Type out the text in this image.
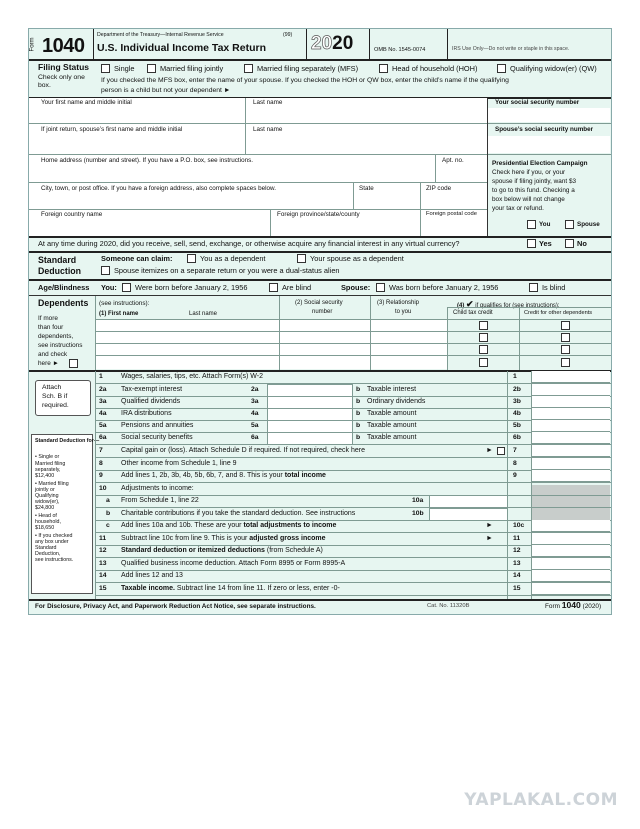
Form 1040 Department of the Treasury—Internal Revenue Service	(99)
U.S. Individual Income Tax Return 2020	OMB No. 1545-0074	IRS Use Only—Do not write or staple in this space.
Filing Status
Check only one box.
Single	Married filing jointly	Married filing separately (MFS)	Head of household (HOH)	Qualifying widow(er) (QW)
If you checked the MFS box, enter the name of your spouse. If you checked the HOH or QW box, enter the child’s name if the qualifying
person is a child but not your dependent ►
Your first name and middle initial	Last name	Your social security number
If joint return, spouse’s first name and middle initial	Last name	Spouse’s social security number
Home address (number and street). If you have a P.O. box, see instructions.	Apt. no.
City, town, or post office. If you have a foreign address, also complete spaces below.	State	ZIP code
Foreign country name	Foreign province/state/county	Foreign postal code
Presidential Election Campaign
Check here if you, or your
spouse if filing jointly, want $3
to go to this fund. Checking a
box below will not change
your tax or refund.
You	Spouse
At any time during 2020, did you receive, sell, send, exchange, or otherwise acquire any financial interest in any virtual currency?	Yes	No
Standard
Deduction
Someone can claim:	You as a dependent	Your spouse as a dependent
Spouse itemizes on a separate return or you were a dual-status alien
Age/Blindness You: Were born before January 2, 1956	Are blind	Spouse:	Was born before January 2, 1956	Is blind
Dependents (see instructions):
If more
than four
dependents,
see instructions
and check
here ►
(1) First name	Last name
(2) Social security
number
(3) Relationship
to you
(4) ✔ if qualifies for (see instructions):
Child tax credit	Credit for other dependents
Attach
Sch. B if
required.
Standard Deduction for—
• Single or
Married filing
separately,
$12,400
• Married filing
jointly or
Qualifying
widow(er),
$24,800
• Head of
household,
$18,650
• If you checked
any box under
Standard
Deduction,
see instructions.
1	Wages, salaries, tips, etc. Attach Form(s) W-2	1
2a Tax-exempt interest	2a	b Taxable interest	2b
3a Qualified dividends	3a	b Ordinary dividends	3b
4a IRA distributions	4a	b Taxable amount	4b
5a Pensions and annuities	5a	b Taxable amount	5b
6a Social security benefits	6a	b Taxable amount	6b
7	Capital gain or (loss). Attach Schedule D if required. If not required, check here	►	7
8	Other income from Schedule 1, line 9	8
9	Add lines 1, 2b, 3b, 4b, 5b, 6b, 7, and 8. This is your total income	9
10 Adjustments to income:
a From Schedule 1, line 22	10a
b Charitable contributions if you take the standard deduction. See instructions	10b
c Add lines 10a and 10b. These are your total adjustments to income	►	10c
11 Subtract line 10c from line 9. This is your adjusted gross income	►	11
12 Standard deduction or itemized deductions (from Schedule A)	12
13 Qualified business income deduction. Attach Form 8995 or Form 8995-A	13
14 Add lines 12 and 13	14
15 Taxable income. Subtract line 14 from line 11. If zero or less, enter -0-	15
For Disclosure, Privacy Act, and Paperwork Reduction Act Notice, see separate instructions.	Cat. No. 11320B	Form 1040 (2020)
YAPLAKAL.COM
